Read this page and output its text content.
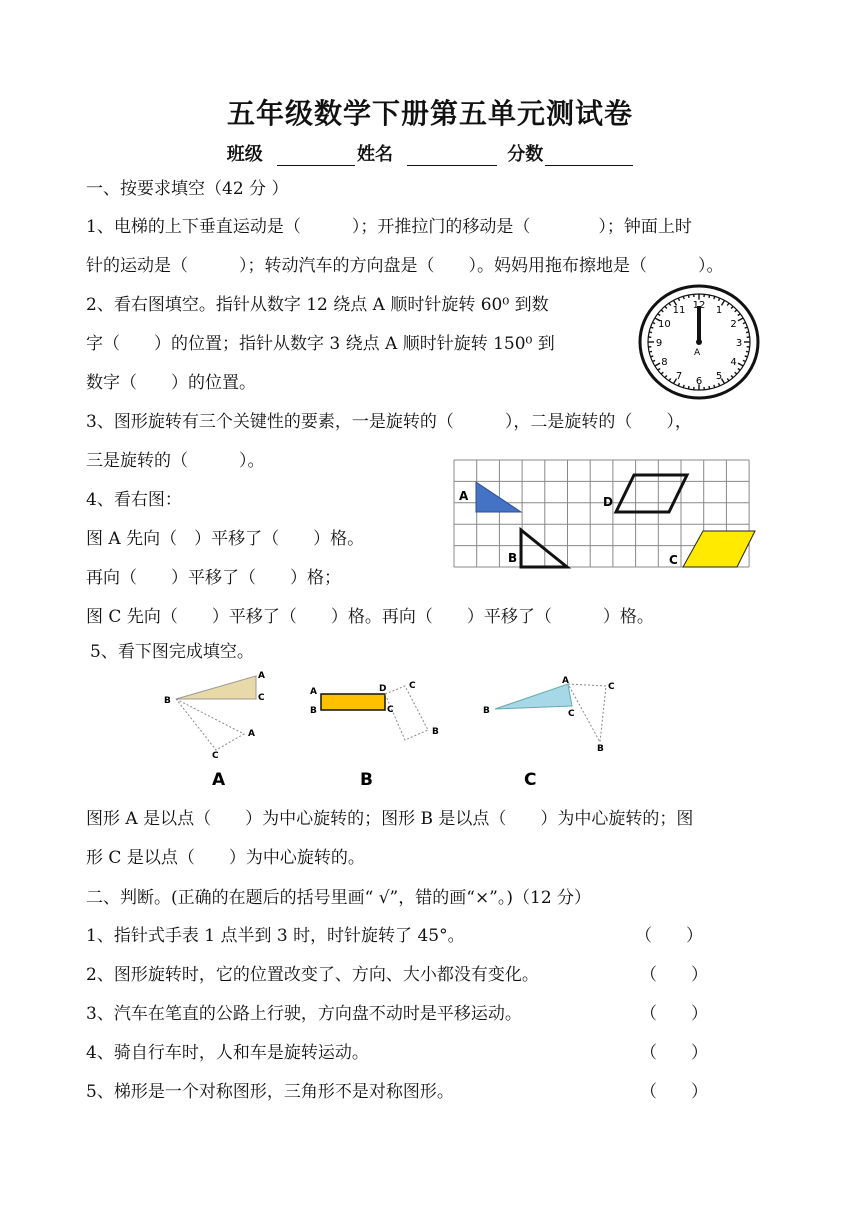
五年级数学下册第五单元测试卷
班级	姓名	分数
一、按要求填空（42 分 ）
1、电梯的上下垂直运动是（　　　）；开推拉门的移动是（　　　　）；钟面上时
针的运动是（　　　）；转动汽车的方向盘是（　　）。妈妈用拖布擦地是（　　　）。
2、看右图填空。指针从数字 12 绕点 A 顺时针旋转 60⁰ 到数
字（　　）的位置；指针从数字 3 绕点 A 顺时针旋转 150⁰ 到
数字（　　）的位置。
3、图形旋转有三个关键性的要素，一是旋转的（　　　），二是旋转的（　　），
三是旋转的（　　　）。
4、看右图：
图 A 先向（　）平移了（　　）格。
再向（　　）平移了（　　）格；
图 C 先向（　　）平移了（　　）格。再向（　　）平移了（　　　）格。
5、看下图完成填空。
图形 A 是以点（　　）为中心旋转的；图形 B 是以点（　　）为中心旋转的；图
形 C 是以点（　　）为中心旋转的。
12 1
2
3
4
5
6
7
8
9
10
11
A
A
B
D
C
B
A
C
A
C
A
A
B
D
C
C
B
B
B
A
C
C
B
C
二、判断。(正确的在题后的括号里画“ √”，错的画“×”。)（12 分）
1、指针式手表 1 点半到 3 时，时针旋转了 45°。	（　　）
2、图形旋转时，它的位置改变了、方向、大小都没有变化。	（　　）
3、汽车在笔直的公路上行驶，方向盘不动时是平移运动。	（　　）
4、骑自行车时，人和车是旋转运动。	（　　）
5、梯形是一个对称图形，三角形不是对称图形。	（　　）
